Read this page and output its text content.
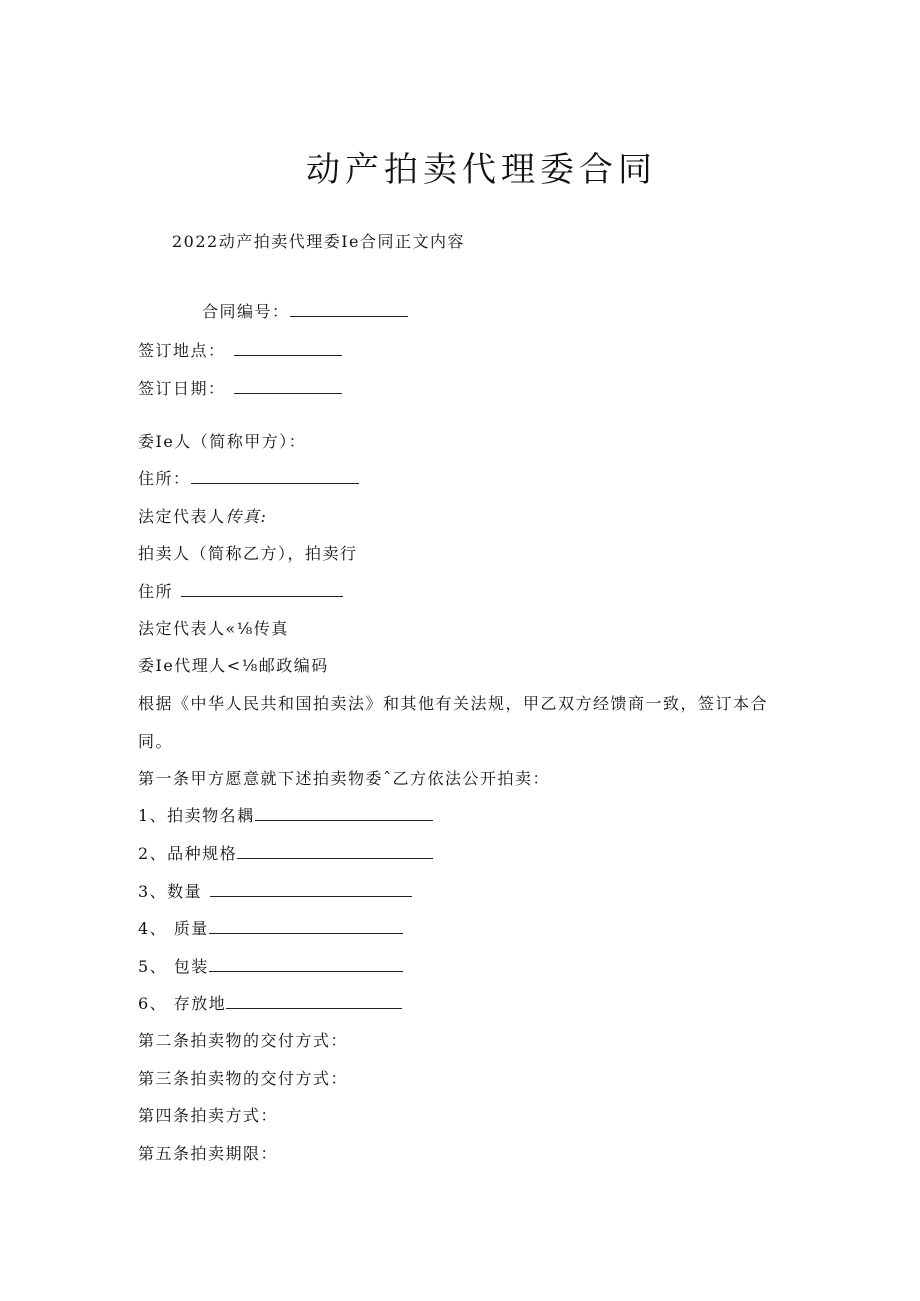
动产拍卖代理委合同
2022动产拍卖代理委Ie合同正文内容
合同编号：
签订地点：
签订日期：
委Ie人（简称甲方）：
住所：
法定代表人传真:
拍卖人（简称乙方），拍卖行
住所
法定代表人«⅛传真
委Ie代理人<⅛邮政编码
根据《中华人民共和国拍卖法》和其他有关法规，甲乙双方经馈商一致，签订本合
同。
第一条甲方愿意就下述拍卖物委ˆ乙方依法公开拍卖：
1、拍卖物名耦
2、品种规格
3、数量
4、 质量
5、 包装
6、 存放地
第二条拍卖物的交付方式：
第三条拍卖物的交付方式：
第四条拍卖方式：
第五条拍卖期限：
